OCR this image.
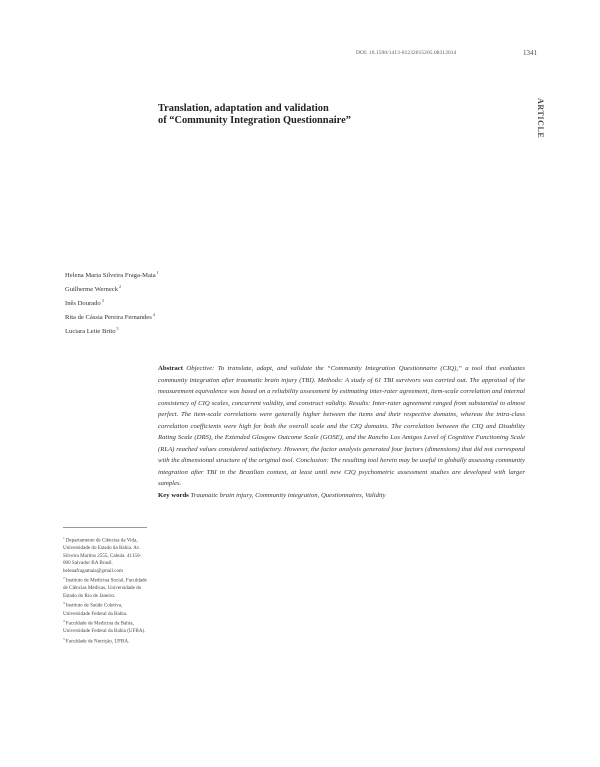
DOI: 10.1590/1413-81232015205.08312014	1341
ARTICLE
Translation, adaptation and validation
of “Community Integration Questionnaire”
Helena Maria Silveira Fraga-Maia$^1$
Guilherme Werneck$^2$
Inês Dourado$^3$
Rita de Cássia Pereira Fernandes$^4$
Luciara Leite Brito$^5$

Abstract Objective: To translate, adapt, and validate the “Community Integration Questionnaire (CIQ),” a tool that evaluates community integration after traumatic brain injury (TBI). Methods: A study of 61 TBI survivors was carried out. The appraisal of the measurement equivalence was based on a reliability assessment by estimating inter-rater agreement, item-scale correlation and internal consistency of CIQ scales, concurrent validity, and construct validity. Results: Inter-rater agreement ranged from substantial to almost perfect. The item-scale correlations were generally higher between the items and their respective domains, whereas the intra-class correlation coefficients were high for both the overall scale and the CIQ domains. The correlation between the CIQ and Disability Rating Scale (DRS), the Extended Glasgow Outcome Scale (GOSE), and the Rancho Los Amigos Level of Cognitive Functioning Scale (RLA) reached values considered satisfactory. However, the factor analysis generated four factors (dimensions) that did not correspond with the dimensional structure of the original tool. Conclusion: The resulting tool herein may be useful in globally assessing community integration after TBI in the Brazilian context, at least until new CIQ psychometric assessment studies are developed with larger samples.

Key words Traumatic brain injury, Community integration, Questionnaires, Validity

$^1$Departamento de Ciências da Vida, Universidade do Estado da Bahia. Av. Silveira Martins 2555, Cabula. 41150-000 Salvador BA Brasil. helenafragamaia@gmail.com

$^2$Instituto de Medicina Social, Faculdade de Ciências Médicas, Universidade do Estado do Rio de Janeiro.

$^3$Instituto de Saúde Coletiva, Universidade Federal da Bahia.

$^4$Faculdade de Medicina da Bahia, Universidade Federal da Bahia (UFBA).

$^5$Faculdade de Nutrição, UFBA.
